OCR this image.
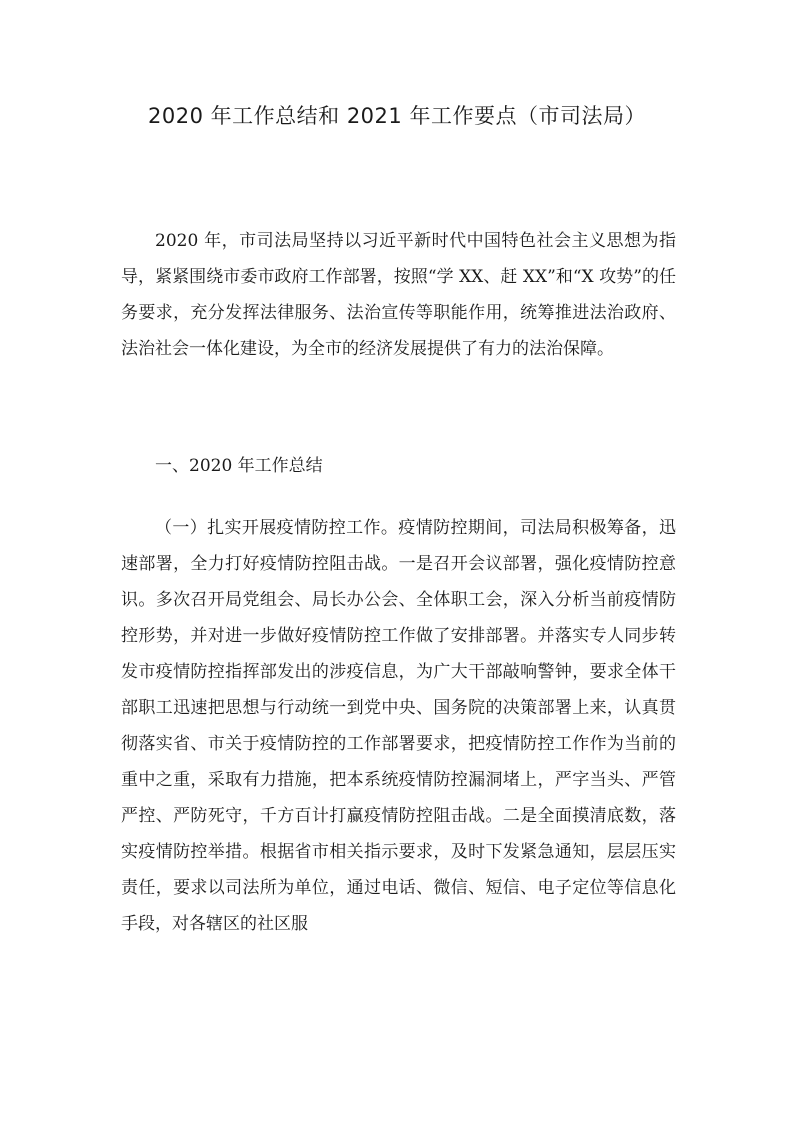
2020 年工作总结和 2021 年工作要点（市司法局）

2020 年，市司法局坚持以习近平新时代中国特色社会主义思想为指导，紧紧围绕市委市政府工作部署，按照“学 XX、赶 XX”和“X 攻势”的任务要求，充分发挥法律服务、法治宣传等职能作用，统筹推进法治政府、法治社会一体化建设，为全市的经济发展提供了有力的法治保障。

一、2020 年工作总结

（一）扎实开展疫情防控工作。疫情防控期间，司法局积极筹备，迅速部署，全力打好疫情防控阻击战。一是召开会议部署，强化疫情防控意识。多次召开局党组会、局长办公会、全体职工会，深入分析当前疫情防控形势，并对进一步做好疫情防控工作做了安排部署。并落实专人同步转发市疫情防控指挥部发出的涉疫信息，为广大干部敲响警钟，要求全体干部职工迅速把思想与行动统一到党中央、国务院的决策部署上来，认真贯彻落实省、市关于疫情防控的工作部署要求，把疫情防控工作作为当前的重中之重，采取有力措施，把本系统疫情防控漏洞堵上，严字当头、严管严控、严防死守，千方百计打赢疫情防控阻击战。二是全面摸清底数，落实疫情防控举措。根据省市相关指示要求，及时下发紧急通知，层层压实责任，要求以司法所为单位，通过电话、微信、短信、电子定位等信息化手段，对各辖区的社区服
